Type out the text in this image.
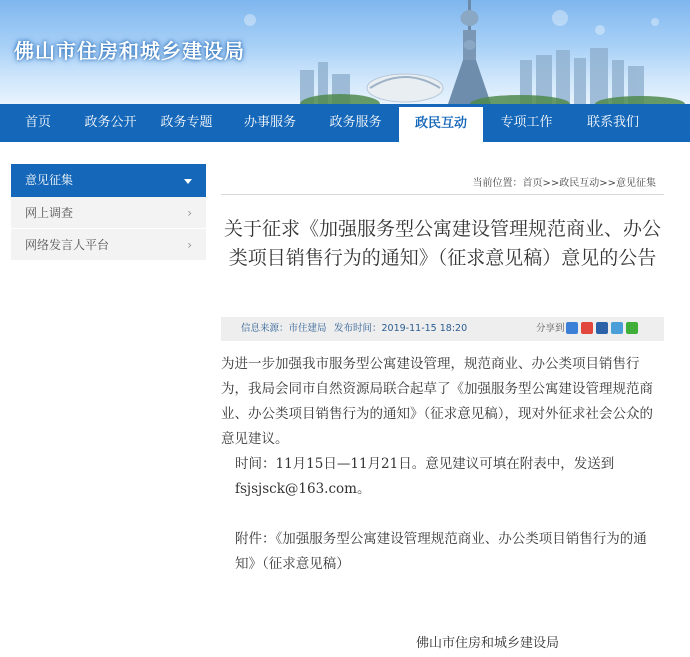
佛山市住房和城乡建设局
首页	政务公开	政务专题	办事服务	政务服务	政民互动	专项工作	联系我们
意见征集
网上调查	›
网络发言人平台	›
当前位置：首页>>政民互动>>意见征集
关于征求《加强服务型公寓建设管理规范商业、办公类项目销售行为的通知》（征求意见稿）意见的公告
信息来源：市住建局 发布时间：2019-11-15 18:20	分享到

为进一步加强我市服务型公寓建设管理，规范商业、办公类项目销售行为，我局会同市自然资源局联合起草了《加强服务型公寓建设管理规范商业、办公类项目销售行为的通知》（征求意见稿），现对外征求社会公众的意见建议。

时间：11月15日—11月21日。意见建议可填在附表中，发送到fsjsjsck@163.com。

附件：《加强服务型公寓建设管理规范商业、办公类项目销售行为的通知》（征求意见稿）

佛山市住房和城乡建设局
